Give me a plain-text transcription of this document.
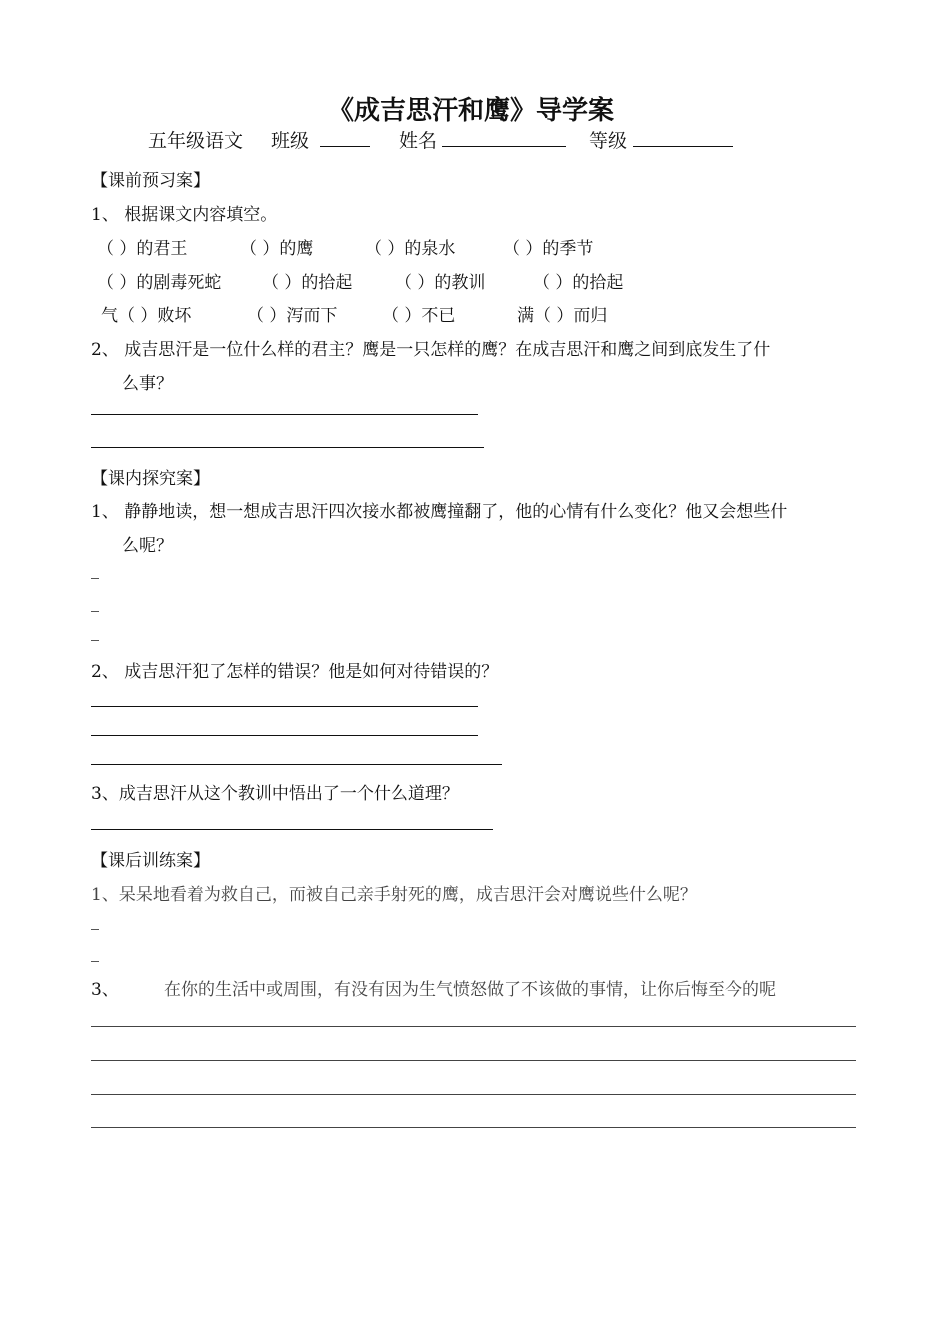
《成吉思汗和鹰》导学案
五年级语文 班级	姓名	等级
【课前预习案】
1、 根据课文内容填空。
（ ）的君王	（ ）的鹰	（ ）的泉水	（ ）的季节
（ ）的剧毒死蛇 （ ）的拾起	（ ）的教训	（ ）的拾起
气（ ）败坏	（ ）泻而下	（ ）不已	满（ ）而归
2、 成吉思汗是一位什么样的君主？鹰是一只怎样的鹰？在成吉思汗和鹰之间到底发生了什
么事？
【课内探究案】
1、 静静地读，想一想成吉思汗四次接水都被鹰撞翻了，他的心情有什么变化？他又会想些什
么呢？
2、 成吉思汗犯了怎样的错误？他是如何对待错误的？
3、成吉思汗从这个教训中悟出了一个什么道理？
【课后训练案】
1、呆呆地看着为救自己，而被自己亲手射死的鹰，成吉思汗会对鹰说些什么呢？
3、	在你的生活中或周围，有没有因为生气愤怒做了不该做的事情，让你后悔至今的呢
